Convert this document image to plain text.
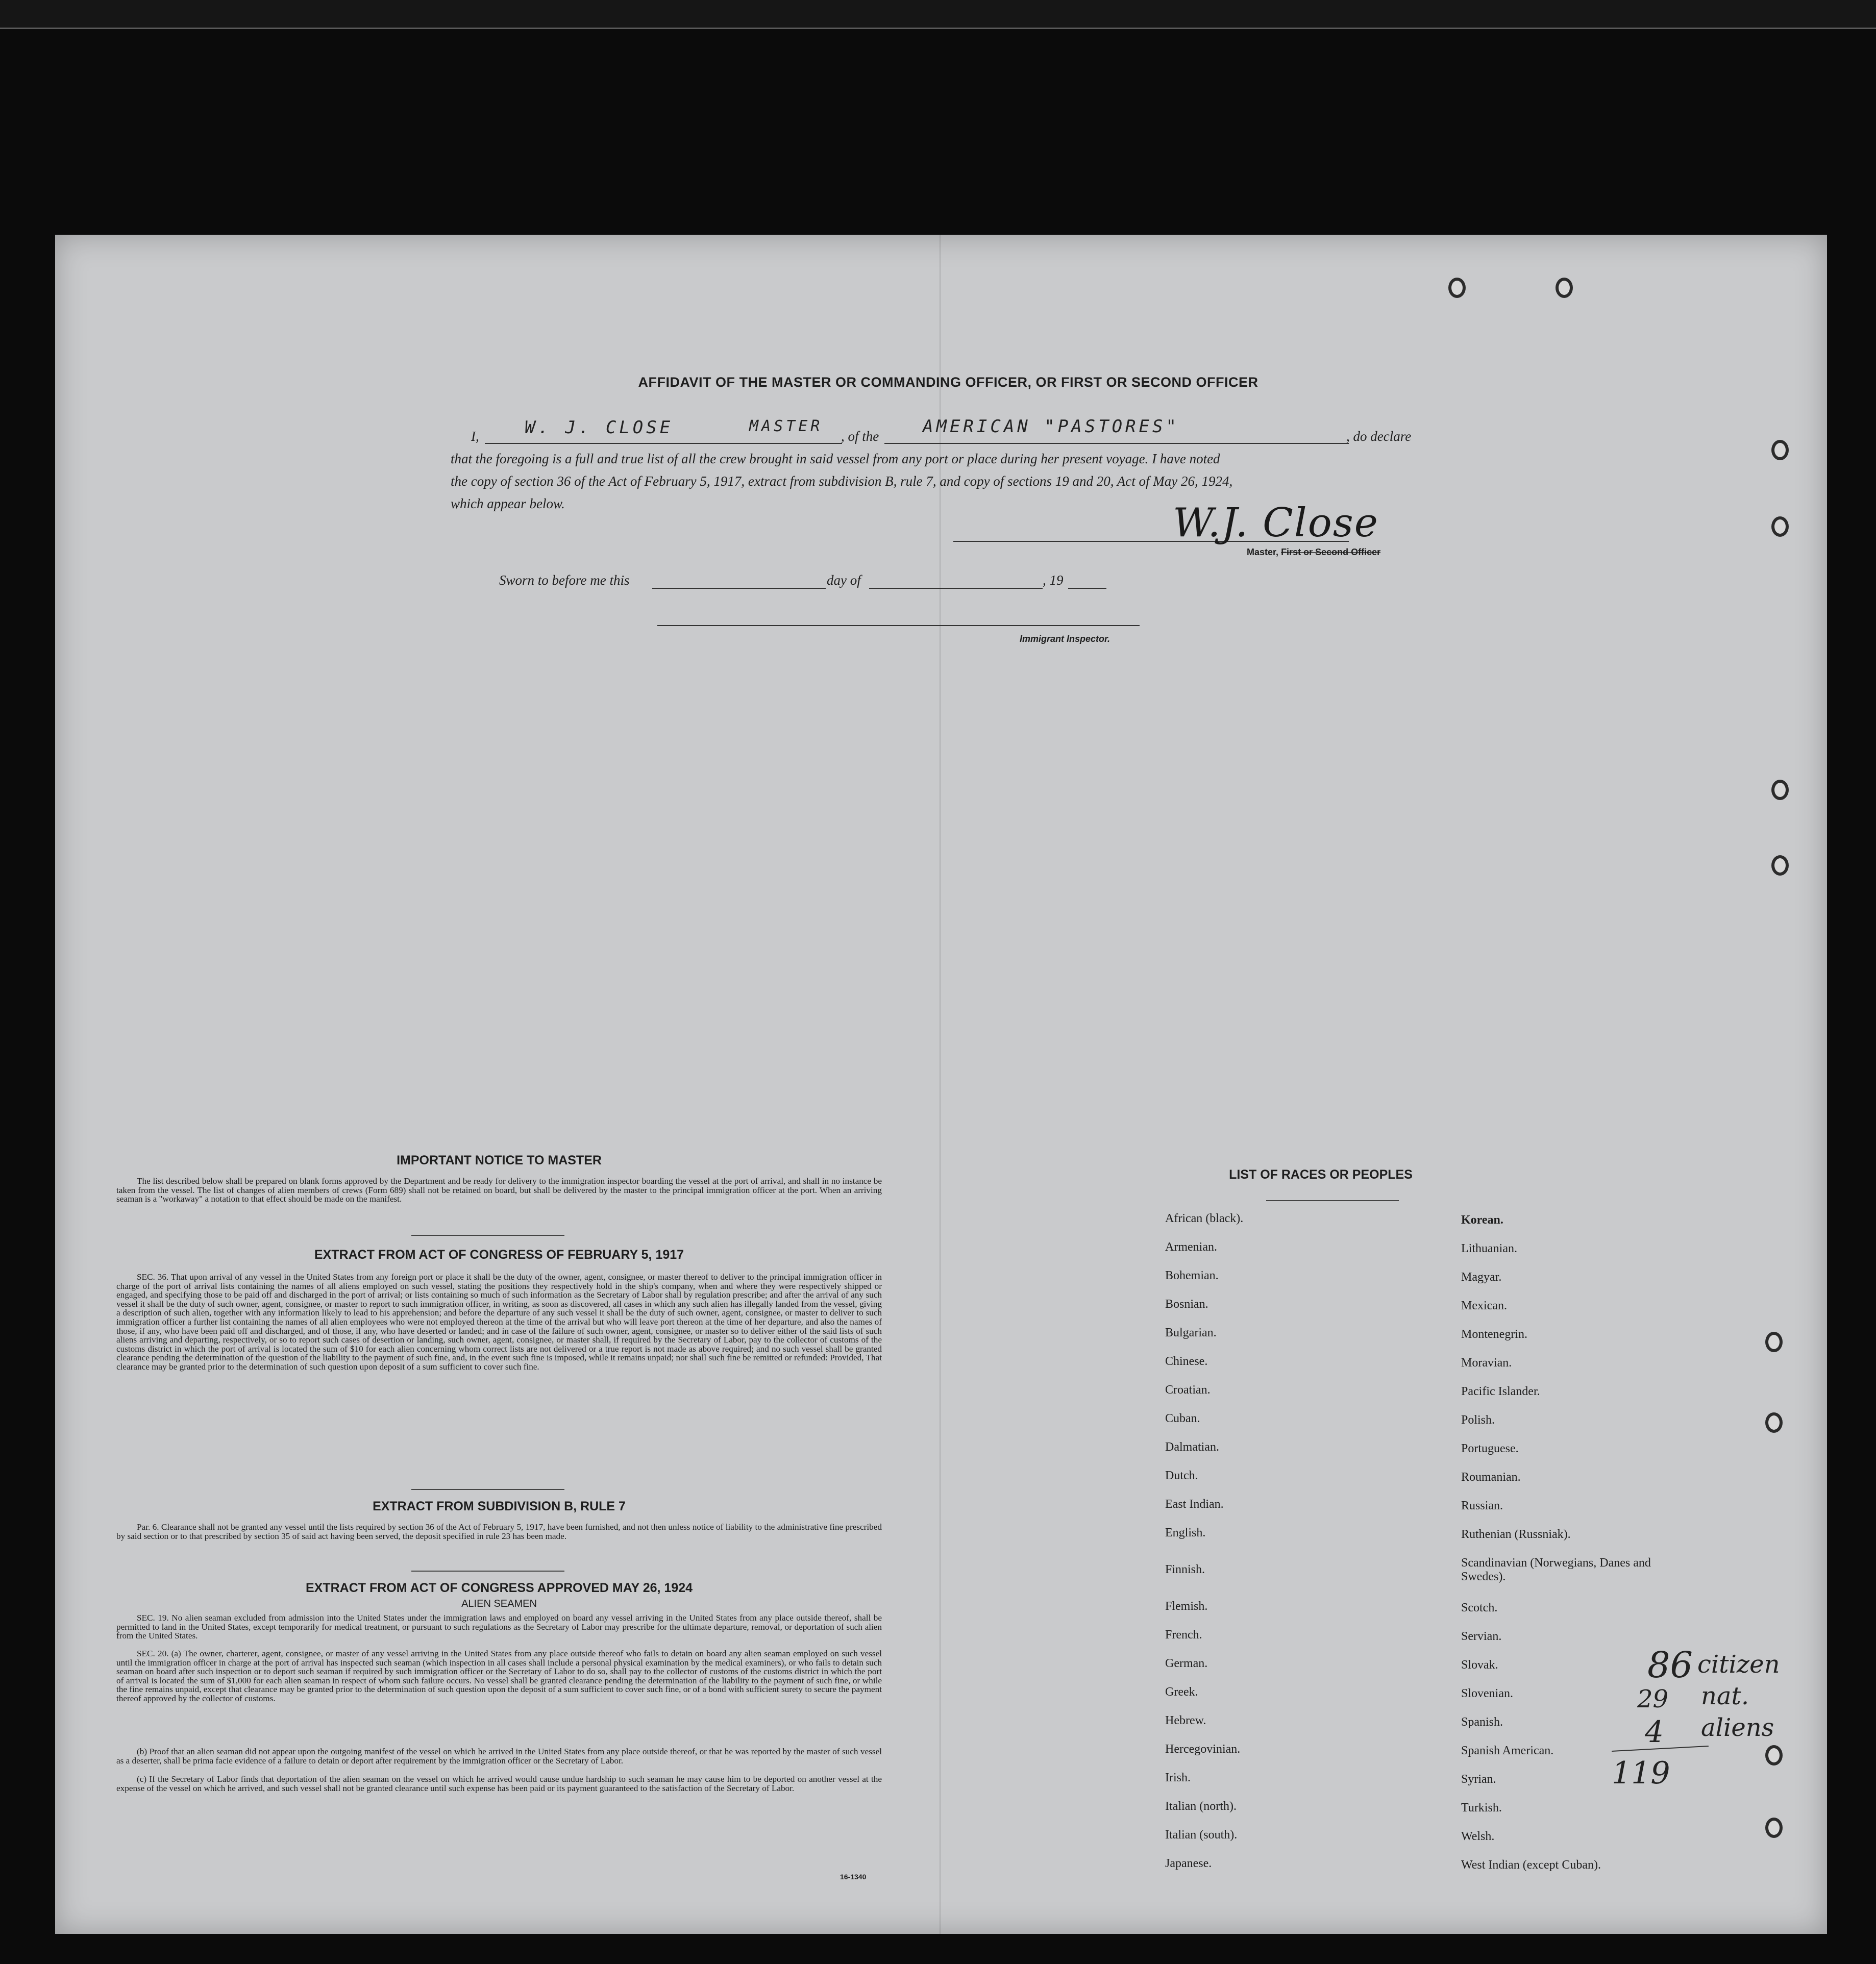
AFFIDAVIT OF THE MASTER OR COMMANDING OFFICER, OR FIRST OR SECOND OFFICER
I,	W. J. CLOSE	MASTER
, of the	AMERICAN "PASTORES"	, do declare
that the foregoing is a full and true list of all the crew brought in said vessel from any port or place during her present voyage. I have noted
the copy of section 36 of the Act of February 5, 1917, extract from subdivision B, rule 7, and copy of sections 19 and 20, Act of May 26, 1924,
which appear below.	W.J. Close
Master, First or Second Officer
Sworn to before me this	day of	, 19
Immigrant Inspector.
IMPORTANT NOTICE TO MASTER
The list described below shall be prepared on blank forms approved by the Department and be ready for delivery to the immigration inspector boarding the vessel at the port of arrival, and shall in no instance be taken from the vessel. The list of changes of alien members of crews (Form 689) shall not be retained on board, but shall be delivered by the master to the principal immigration officer at the port. When an arriving seaman is a "workaway" a notation to that effect should be made on the manifest.
EXTRACT FROM ACT OF CONGRESS OF FEBRUARY 5, 1917
SEC. 36. That upon arrival of any vessel in the United States from any foreign port or place it shall be the duty of the owner, agent, consignee, or master thereof to deliver to the principal immigration officer in charge of the port of arrival lists containing the names of all aliens employed on such vessel, stating the positions they respectively hold in the ship's company, when and where they were respectively shipped or engaged, and specifying those to be paid off and discharged in the port of arrival; or lists containing so much of such information as the Secretary of Labor shall by regulation prescribe; and after the arrival of any such vessel it shall be the duty of such owner, agent, consignee, or master to report to such immigration officer, in writing, as soon as discovered, all cases in which any such alien has illegally landed from the vessel, giving a description of such alien, together with any information likely to lead to his apprehension; and before the departure of any such vessel it shall be the duty of such owner, agent, consignee, or master to deliver to such immigration officer a further list containing the names of all alien employees who were not employed thereon at the time of the arrival but who will leave port thereon at the time of her departure, and also the names of those, if any, who have been paid off and discharged, and of those, if any, who have deserted or landed; and in case of the failure of such owner, agent, consignee, or master so to deliver either of the said lists of such aliens arriving and departing, respectively, or so to report such cases of desertion or landing, such owner, agent, consignee, or master shall, if required by the Secretary of Labor, pay to the collector of customs of the customs district in which the port of arrival is located the sum of $10 for each alien concerning whom correct lists are not delivered or a true report is not made as above required; and no such vessel shall be granted clearance pending the determination of the question of the liability to the payment of such fine, and, in the event such fine is imposed, while it remains unpaid; nor shall such fine be remitted or refunded: Provided, That clearance may be granted prior to the determination of such question upon deposit of a sum sufficient to cover such fine.
EXTRACT FROM SUBDIVISION B, RULE 7
Par. 6. Clearance shall not be granted any vessel until the lists required by section 36 of the Act of February 5, 1917, have been furnished, and not then unless notice of liability to the administrative fine prescribed by said section or to that prescribed by section 35 of said act having been served, the deposit specified in rule 23 has been made.
EXTRACT FROM ACT OF CONGRESS APPROVED MAY 26, 1924
ALIEN SEAMEN
SEC. 19. No alien seaman excluded from admission into the United States under the immigration laws and employed on board any vessel arriving in the United States from any place outside thereof, shall be permitted to land in the United States, except temporarily for medical treatment, or pursuant to such regulations as the Secretary of Labor may prescribe for the ultimate departure, removal, or deportation of such alien from the United States.
SEC. 20. (a) The owner, charterer, agent, consignee, or master of any vessel arriving in the United States from any place outside thereof who fails to detain on board any alien seaman employed on such vessel until the immigration officer in charge at the port of arrival has inspected such seaman (which inspection in all cases shall include a personal physical examination by the medical examiners), or who fails to detain such seaman on board after such inspection or to deport such seaman if required by such immigration officer or the Secretary of Labor to do so, shall pay to the collector of customs of the customs district in which the port of arrival is located the sum of $1,000 for each alien seaman in respect of whom such failure occurs. No vessel shall be granted clearance pending the determination of the liability to the payment of such fine, or while the fine remains unpaid, except that clearance may be granted prior to the determination of such question upon the deposit of a sum sufficient to cover such fine, or of a bond with sufficient surety to secure the payment thereof approved by the collector of customs.
(b) Proof that an alien seaman did not appear upon the outgoing manifest of the vessel on which he arrived in the United States from any place outside thereof, or that he was reported by the master of such vessel as a deserter, shall be prima facie evidence of a failure to detain or deport after requirement by the immigration officer or the Secretary of Labor.
(c) If the Secretary of Labor finds that deportation of the alien seaman on the vessel on which he arrived would cause undue hardship to such seaman he may cause him to be deported on another vessel at the expense of the vessel on which he arrived, and such vessel shall not be granted clearance until such expense has been paid or its payment guaranteed to the satisfaction of the Secretary of Labor.
16-1340
LIST OF RACES OR PEOPLES
African (black).
Armenian.
Bohemian.
Bosnian.
Bulgarian.
Chinese.
Croatian.
Cuban.
Dalmatian.
Dutch.
East Indian.
English.
Finnish.
Flemish.
French.
German.
Greek.
Hebrew.
Hercegovinian.
Irish.
Italian (north).
Italian (south).
Japanese.
Korean.
Lithuanian.
Magyar.
Mexican.
Montenegrin.
Moravian.
Pacific Islander.
Polish.
Portuguese.
Roumanian.
Russian.
Ruthenian (Russniak).
Scandinavian (Norwegians, Danes and Swedes).
Scotch.
Servian.
Slovak.
Slovenian.
Spanish.
Spanish American.
Syrian.
Turkish.
Welsh.
West Indian (except Cuban).
86 citizen
29 nat.
4 aliens
119
